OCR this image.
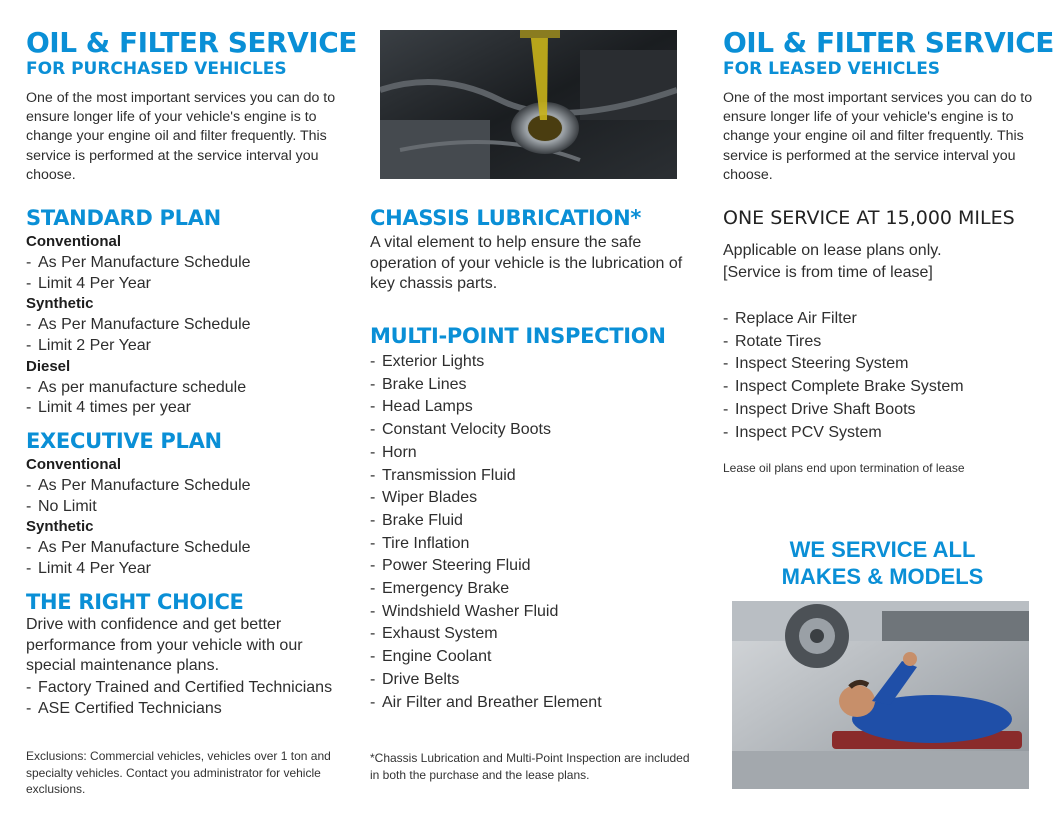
OIL & FILTER SERVICE
FOR PURCHASED VEHICLES

One of the most important services you can do to ensure longer life of your vehicle's engine is to change your engine oil and filter frequently. This service is performed at the service interval you choose.

STANDARD PLAN
Conventional
- As Per Manufacture Schedule
- Limit 4 Per Year
Synthetic
- As Per Manufacture Schedule
- Limit 2 Per Year
Diesel
- As per manufacture schedule
- Limit 4 times per year
EXECUTIVE PLAN
Conventional
- As Per Manufacture Schedule
- No Limit
Synthetic
- As Per Manufacture Schedule
- Limit 4 Per Year
THE RIGHT CHOICE

Drive with confidence and get better performance from your vehicle with our special maintenance plans.

- Factory Trained and Certified Technicians
- ASE Certified Technicians

Exclusions: Commercial vehicles, vehicles over 1 ton and specialty vehicles. Contact you administrator for vehicle exclusions.

CHASSIS LUBRICATION*

A vital element to help ensure the safe operation of your vehicle is the lubrication of key chassis parts.

MULTI-POINT INSPECTION
- Exterior Lights
- Brake Lines
- Head Lamps
- Constant Velocity Boots
- Horn
- Transmission Fluid
- Wiper Blades
- Brake Fluid
- Tire Inflation
- Power Steering Fluid
- Emergency Brake
- Windshield Washer Fluid
- Exhaust System
- Engine Coolant
- Drive Belts
- Air Filter and Breather Element

*Chassis Lubrication and Multi-Point Inspection are included in both the purchase and the lease plans.

OIL & FILTER SERVICE
FOR LEASED VEHICLES

One of the most important services you can do to ensure longer life of your vehicle's engine is to change your engine oil and filter frequently. This service is performed at the service interval you choose.

ONE SERVICE AT 15,000 MILES

Applicable on lease plans only.

[Service is from time of lease]

- Replace Air Filter
- Rotate Tires
- Inspect Steering System
- Inspect Complete Brake System
- Inspect Drive Shaft Boots
- Inspect PCV System

Lease oil plans end upon termination of lease

WE SERVICE ALL
MAKES & MODELS
